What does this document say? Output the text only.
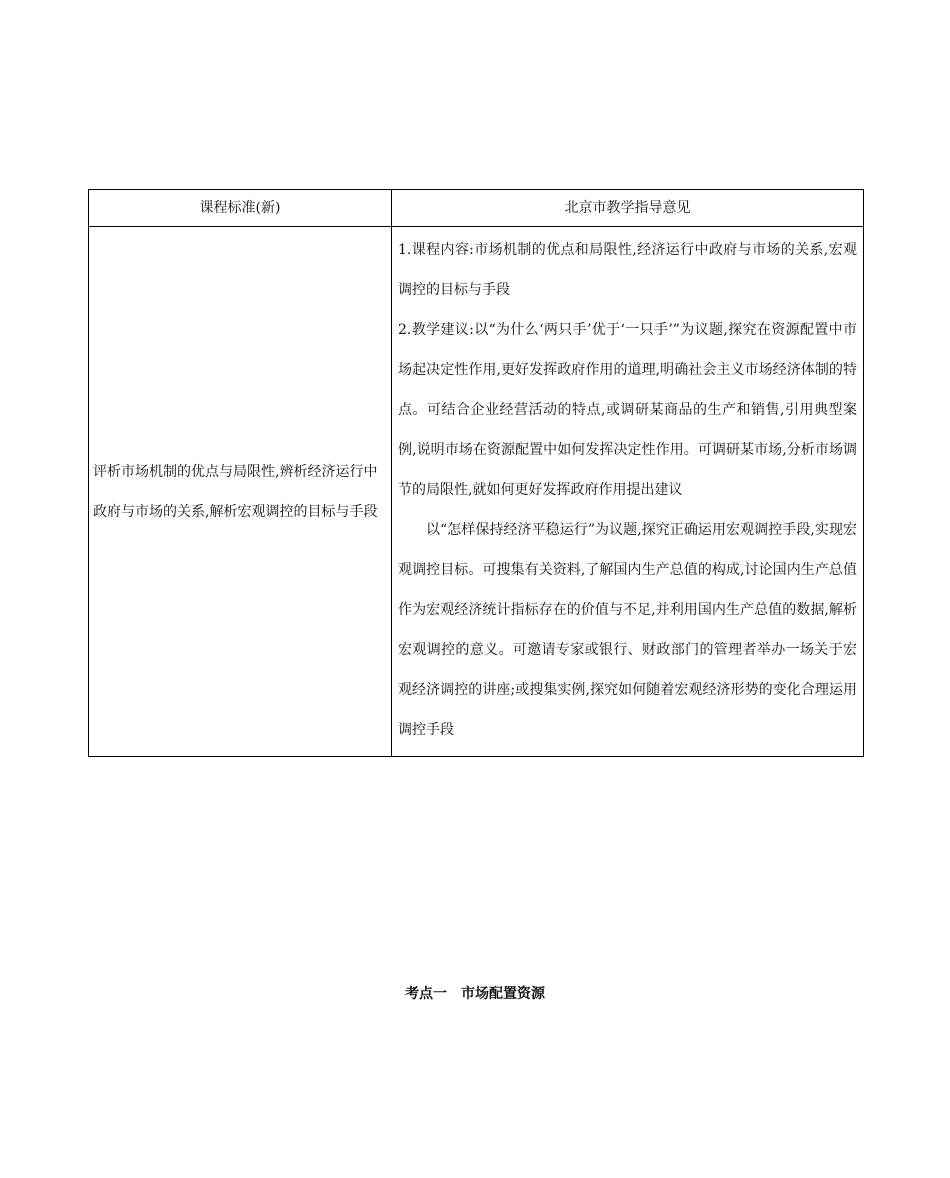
课程标准(新)	北京市教学指导意见
评析市场机制的优点与局限性,辨析经济运行中政府与市场的关系,解析宏观调控的目标与手段	1.课程内容:市场机制的优点和局限性,经济运行中政府与市场的关系,宏观调控的目标与手段

2.教学建议:以“为什么‘两只手’优于‘一只手’”为议题,探究在资源配置中市场起决定性作用,更好发挥政府作用的道理,明确社会主义市场经济体制的特点。可结合企业经营活动的特点,或调研某商品的生产和销售,引用典型案例,说明市场在资源配置中如何发挥决定性作用。可调研某市场,分析市场调节的局限性,就如何更好发挥政府作用提出建议

以“怎样保持经济平稳运行”为议题,探究正确运用宏观调控手段,实现宏观调控目标。可搜集有关资料,了解国内生产总值的构成,讨论国内生产总值作为宏观经济统计指标存在的价值与不足,并利用国内生产总值的数据,解析宏观调控的意义。可邀请专家或银行、财政部门的管理者举办一场关于宏观经济调控的讲座;或搜集实例,探究如何随着宏观经济形势的变化合理运用调控手段

考点一　市场配置资源
